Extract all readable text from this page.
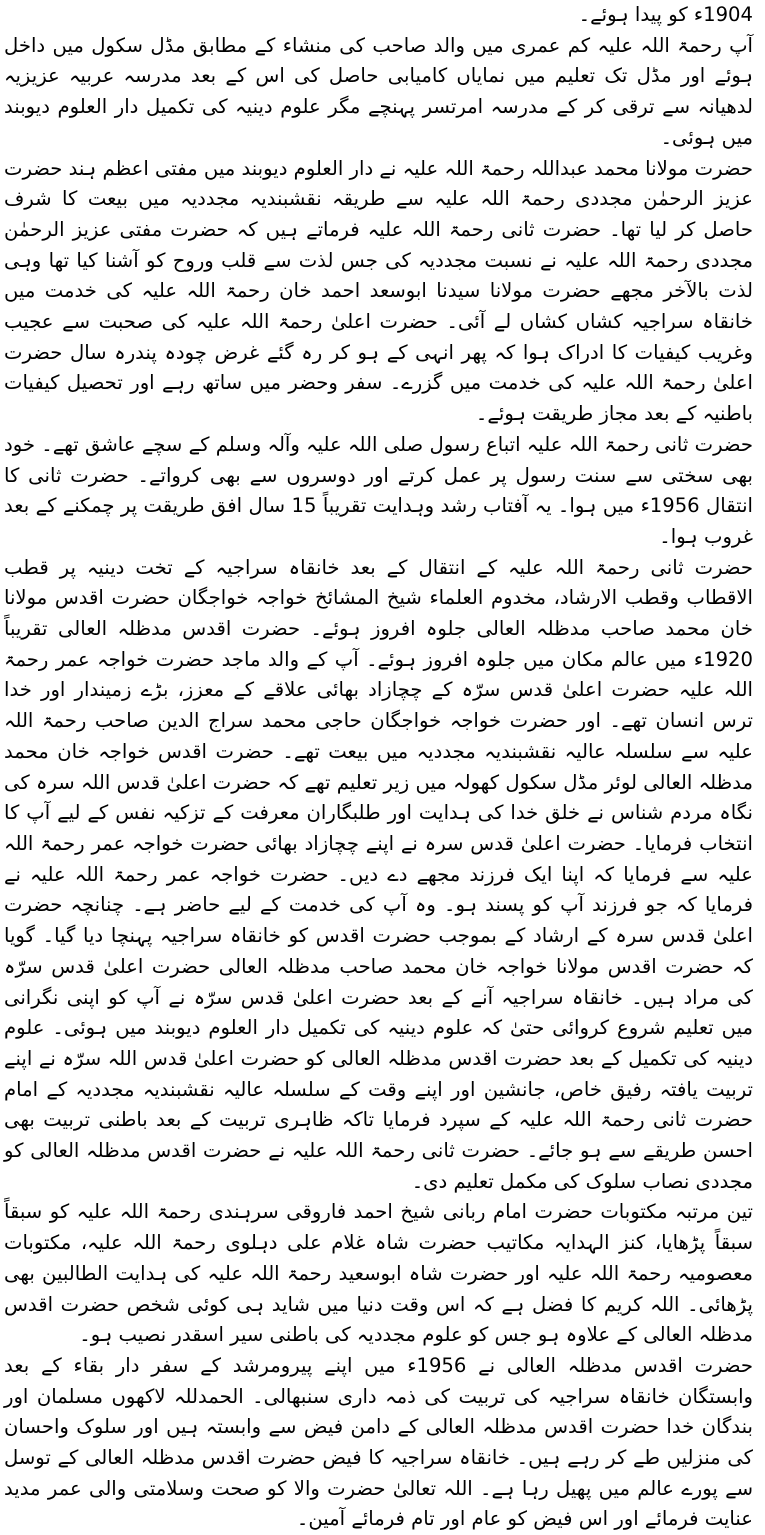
1904ء کو پیدا ہوئے۔

آپ رحمۃ اللہ علیہ کم عمری میں والد صاحب کی منشاء کے مطابق مڈل سکول میں داخل ہوئے اور مڈل تک تعلیم میں نمایاں کامیابی حاصل کی اس کے بعد مدرسہ عربیہ عزیزیہ لدھیانہ سے ترقی کر کے مدرسہ امرتسر پہنچے مگر علوم دینیہ کی تکمیل دار العلوم دیوبند میں ہوئی۔

حضرت مولانا محمد عبداللہ رحمۃ اللہ علیہ نے دار العلوم دیوبند میں مفتی اعظم ہند حضرت عزیز الرحمٰن مجددی رحمۃ اللہ علیہ سے طریقہ نقشبندیہ مجددیہ میں بیعت کا شرف حاصل کر لیا تھا۔ حضرت ثانی رحمۃ اللہ علیہ فرماتے ہیں کہ حضرت مفتی عزیز الرحمٰن مجددی رحمۃ اللہ علیہ نے نسبت مجددیہ کی جس لذت سے قلب وروح کو آشنا کیا تھا وہی لذت بالآخر مجھے حضرت مولانا سیدنا ابوسعد احمد خان رحمۃ اللہ علیہ کی خدمت میں خانقاہ سراجیہ کشاں کشاں لے آئی۔ حضرت اعلیٰ رحمۃ اللہ علیہ کی صحبت سے عجیب وغریب کیفیات کا ادراک ہوا کہ پھر انہی کے ہو کر رہ گئے غرض چودہ پندرہ سال حضرت اعلیٰ رحمۃ اللہ علیہ کی خدمت میں گزرے۔ سفر وحضر میں ساتھ رہے اور تحصیل کیفیات باطنیہ کے بعد مجاز طریقت ہوئے۔

حضرت ثانی رحمۃ اللہ علیہ اتباع رسول صلی اللہ علیہ وآلہ وسلم کے سچے عاشق تھے۔ خود بھی سختی سے سنت رسول پر عمل کرتے اور دوسروں سے بھی کرواتے۔ حضرت ثانی کا انتقال 1956ء میں ہوا۔ یہ آفتاب رشد وہدایت تقریباً 15 سال افق طریقت پر چمکنے کے بعد غروب ہوا۔

حضرت ثانی رحمۃ اللہ علیہ کے انتقال کے بعد خانقاہ سراجیہ کے تخت دینیہ پر قطب الاقطاب وقطب الارشاد، مخدوم العلماء شیخ المشائخ خواجہ خواجگان حضرت اقدس مولانا خان محمد صاحب مدظلہ العالی جلوہ افروز ہوئے۔ حضرت اقدس مدظلہ العالی تقریباً 1920ء میں عالم مکان میں جلوہ افروز ہوئے۔ آپ کے والد ماجد حضرت خواجہ عمر رحمۃ اللہ علیہ حضرت اعلیٰ قدس سرّہ کے چچازاد بھائی علاقے کے معزز، بڑے زمیندار اور خدا ترس انسان تھے۔ اور حضرت خواجہ خواجگان حاجی محمد سراج الدین صاحب رحمۃ اللہ علیہ سے سلسلہ عالیہ نقشبندیہ مجددیہ میں بیعت تھے۔ حضرت اقدس خواجہ خان محمد مدظلہ العالی لوئر مڈل سکول کھولہ میں زیر تعلیم تھے کہ حضرت اعلیٰ قدس اللہ سرہ کی نگاہ مردم شناس نے خلق خدا کی ہدایت اور طلبگاران معرفت کے تزکیہ نفس کے لیے آپ کا انتخاب فرمایا۔ حضرت اعلیٰ قدس سرہ نے اپنے چچازاد بھائی حضرت خواجہ عمر رحمۃ اللہ علیہ سے فرمایا کہ اپنا ایک فرزند مجھے دے دیں۔ حضرت خواجہ عمر رحمۃ اللہ علیہ نے فرمایا کہ جو فرزند آپ کو پسند ہو۔ وہ آپ کی خدمت کے لیے حاضر ہے۔ چنانچہ حضرت اعلیٰ قدس سرہ کے ارشاد کے بموجب حضرت اقدس کو خانقاہ سراجیہ پہنچا دیا گیا۔ گویا کہ حضرت اقدس مولانا خواجہ خان محمد صاحب مدظلہ العالی حضرت اعلیٰ قدس سرّہ کی مراد ہیں۔ خانقاہ سراجیہ آنے کے بعد حضرت اعلیٰ قدس سرّہ نے آپ کو اپنی نگرانی میں تعلیم شروع کروائی حتیٰ کہ علوم دینیہ کی تکمیل دار العلوم دیوبند میں ہوئی۔ علوم دینیہ کی تکمیل کے بعد حضرت اقدس مدظلہ العالی کو حضرت اعلیٰ قدس اللہ سرّہ نے اپنے تربیت یافتہ رفیق خاص، جانشین اور اپنے وقت کے سلسلہ عالیہ نقشبندیہ مجددیہ کے امام حضرت ثانی رحمۃ اللہ علیہ کے سپرد فرمایا تاکہ ظاہری تربیت کے بعد باطنی تربیت بھی احسن طریقے سے ہو جائے۔ حضرت ثانی رحمۃ اللہ علیہ نے حضرت اقدس مدظلہ العالی کو مجددی نصاب سلوک کی مکمل تعلیم دی۔

تین مرتبہ مکتوبات حضرت امام ربانی شیخ احمد فاروقی سرہندی رحمۃ اللہ علیہ کو سبقاً سبقاً پڑھایا، کنز الہدایہ مکاتیب حضرت شاہ غلام علی دہلوی رحمۃ اللہ علیہ، مکتوبات معصومیہ رحمۃ اللہ علیہ اور حضرت شاہ ابوسعید رحمۃ اللہ علیہ کی ہدایت الطالبین بھی پڑھائی۔ اللہ کریم کا فضل ہے کہ اس وقت دنیا میں شاید ہی کوئی شخص حضرت اقدس مدظلہ العالی کے علاوہ ہو جس کو علوم مجددیہ کی باطنی سیر اسقدر نصیب ہو۔

حضرت اقدس مدظلہ العالی نے 1956ء میں اپنے پیرومرشد کے سفر دار بقاء کے بعد وابستگان خانقاہ سراجیہ کی تربیت کی ذمہ داری سنبھالی۔ الحمدللہ لاکھوں مسلمان اور بندگان خدا حضرت اقدس مدظلہ العالی کے دامن فیض سے وابستہ ہیں اور سلوک واحسان کی منزلیں طے کر رہے ہیں۔ خانقاہ سراجیہ کا فیض حضرت اقدس مدظلہ العالی کے توسل سے پورے عالم میں پھیل رہا ہے۔ اللہ تعالیٰ حضرت والا کو صحت وسلامتی والی عمر مدید عنایت فرمائے اور اس فیض کو عام اور تام فرمائے آمین۔
